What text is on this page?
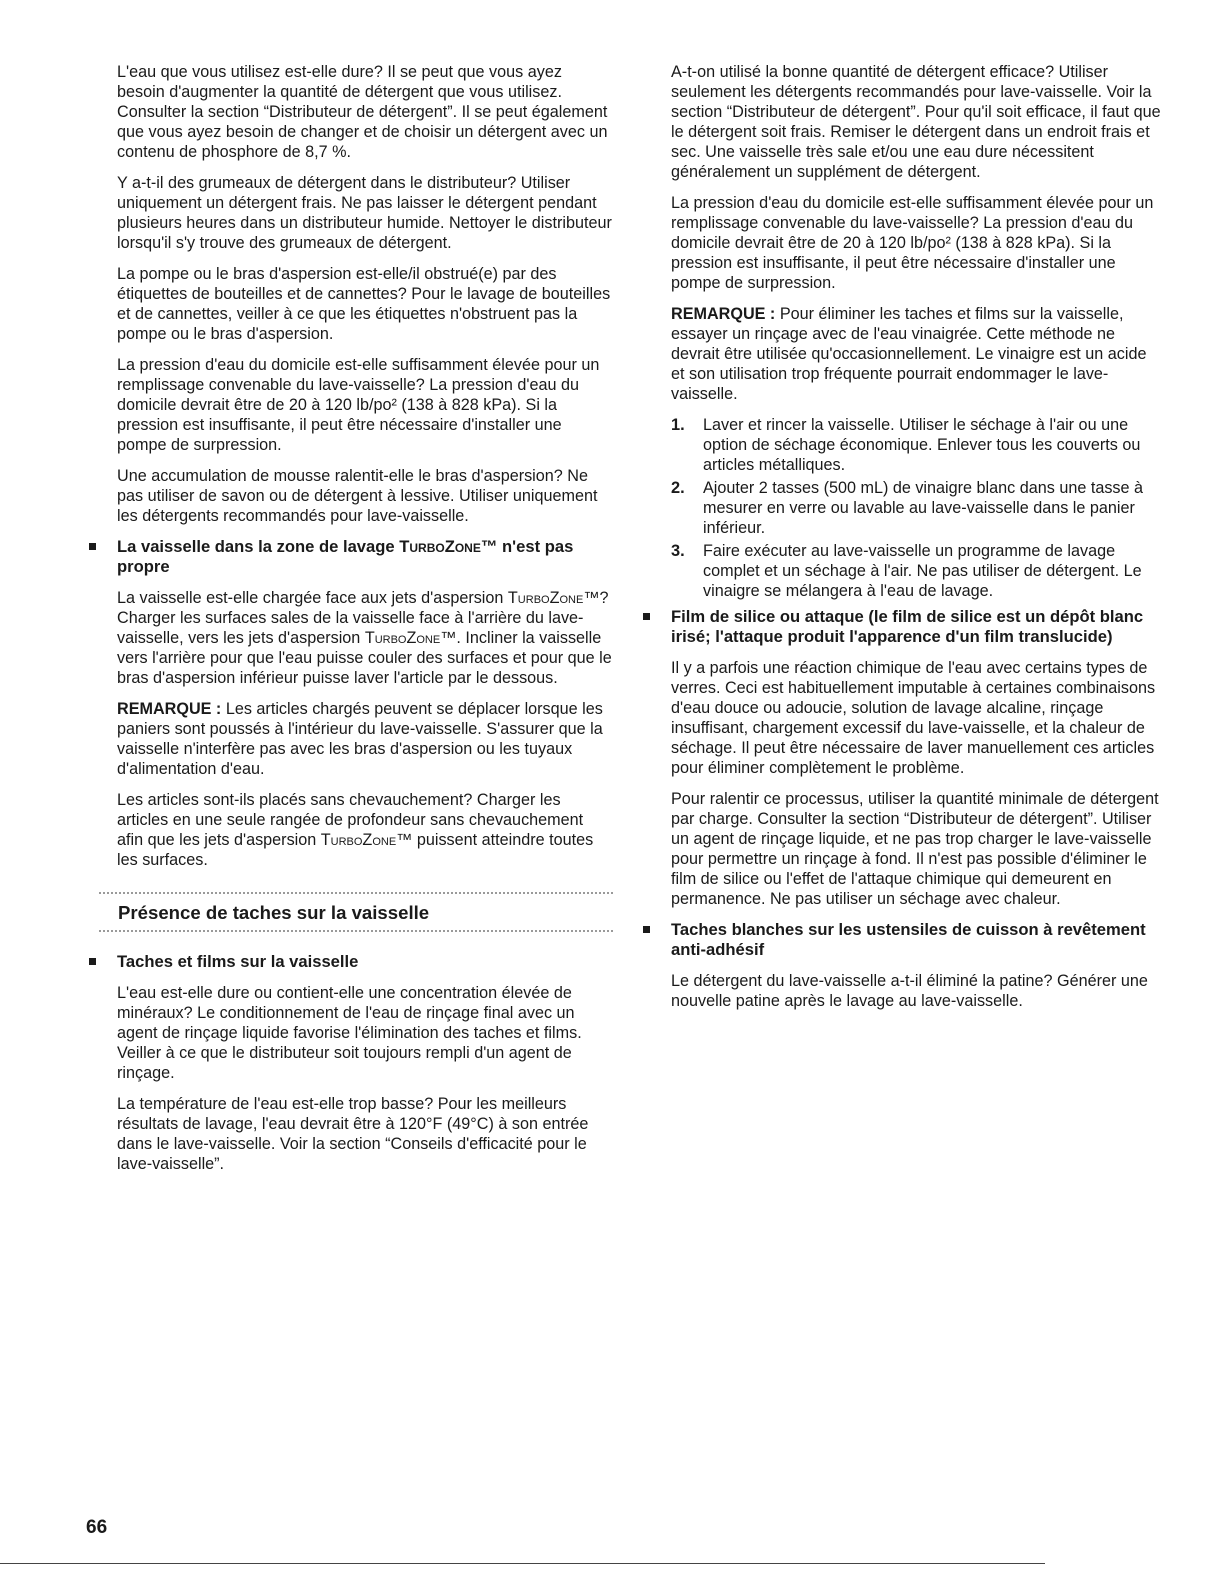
L'eau que vous utilisez est-elle dure? Il se peut que vous ayez besoin d'augmenter la quantité de détergent que vous utilisez. Consulter la section “Distributeur de détergent”. Il se peut également que vous ayez besoin de changer et de choisir un détergent avec un contenu de phosphore de 8,7 %.

Y a-t-il des grumeaux de détergent dans le distributeur? Utiliser uniquement un détergent frais. Ne pas laisser le détergent pendant plusieurs heures dans un distributeur humide. Nettoyer le distributeur lorsqu'il s'y trouve des grumeaux de détergent.

La pompe ou le bras d'aspersion est-elle/il obstrué(e) par des étiquettes de bouteilles et de cannettes? Pour le lavage de bouteilles et de cannettes, veiller à ce que les étiquettes n'obstruent pas la pompe ou le bras d'aspersion.

La pression d'eau du domicile est-elle suffisamment élevée pour un remplissage convenable du lave-vaisselle? La pression d'eau du domicile devrait être de 20 à 120 lb/po² (138 à 828 kPa). Si la pression est insuffisante, il peut être nécessaire d'installer une pompe de surpression.

Une accumulation de mousse ralentit-elle le bras d'aspersion? Ne pas utiliser de savon ou de détergent à lessive. Utiliser uniquement les détergents recommandés pour lave-vaisselle.

La vaisselle dans la zone de lavage TurboZone™ n'est pas propre

La vaisselle est-elle chargée face aux jets d'aspersion TurboZone™? Charger les surfaces sales de la vaisselle face à l'arrière du lave-vaisselle, vers les jets d'aspersion TurboZone™. Incliner la vaisselle vers l'arrière pour que l'eau puisse couler des surfaces et pour que le bras d'aspersion inférieur puisse laver l'article par le dessous.

REMARQUE : Les articles chargés peuvent se déplacer lorsque les paniers sont poussés à l'intérieur du lave-vaisselle. S'assurer que la vaisselle n'interfère pas avec les bras d'aspersion ou les tuyaux d'alimentation d'eau.

Les articles sont-ils placés sans chevauchement? Charger les articles en une seule rangée de profondeur sans chevauchement afin que les jets d'aspersion TurboZone™ puissent atteindre toutes les surfaces.

Présence de taches sur la vaisselle
Taches et films sur la vaisselle

L'eau est-elle dure ou contient-elle une concentration élevée de minéraux? Le conditionnement de l'eau de rinçage final avec un agent de rinçage liquide favorise l'élimination des taches et films. Veiller à ce que le distributeur soit toujours rempli d'un agent de rinçage.

La température de l'eau est-elle trop basse? Pour les meilleurs résultats de lavage, l'eau devrait être à 120°F (49°C) à son entrée dans le lave-vaisselle. Voir la section “Conseils d'efficacité pour le lave-vaisselle”.

A-t-on utilisé la bonne quantité de détergent efficace? Utiliser seulement les détergents recommandés pour lave-vaisselle. Voir la section “Distributeur de détergent”. Pour qu'il soit efficace, il faut que le détergent soit frais. Remiser le détergent dans un endroit frais et sec. Une vaisselle très sale et/ou une eau dure nécessitent généralement un supplément de détergent.

La pression d'eau du domicile est-elle suffisamment élevée pour un remplissage convenable du lave-vaisselle? La pression d'eau du domicile devrait être de 20 à 120 lb/po² (138 à 828 kPa). Si la pression est insuffisante, il peut être nécessaire d'installer une pompe de surpression.

REMARQUE : Pour éliminer les taches et films sur la vaisselle, essayer un rinçage avec de l'eau vinaigrée. Cette méthode ne devrait être utilisée qu'occasionnellement. Le vinaigre est un acide et son utilisation trop fréquente pourrait endommager le lave-vaisselle.

1. Laver et rincer la vaisselle. Utiliser le séchage à l'air ou une option de séchage économique. Enlever tous les couverts ou articles métalliques.
2. Ajouter 2 tasses (500 mL) de vinaigre blanc dans une tasse à mesurer en verre ou lavable au lave-vaisselle dans le panier inférieur.
3. Faire exécuter au lave-vaisselle un programme de lavage complet et un séchage à l'air. Ne pas utiliser de détergent. Le vinaigre se mélangera à l'eau de lavage.
Film de silice ou attaque (le film de silice est un dépôt blanc irisé; l'attaque produit l'apparence d'un film translucide)

Il y a parfois une réaction chimique de l'eau avec certains types de verres. Ceci est habituellement imputable à certaines combinaisons d'eau douce ou adoucie, solution de lavage alcaline, rinçage insuffisant, chargement excessif du lave-vaisselle, et la chaleur de séchage. Il peut être nécessaire de laver manuellement ces articles pour éliminer complètement le problème.

Pour ralentir ce processus, utiliser la quantité minimale de détergent par charge. Consulter la section “Distributeur de détergent”. Utiliser un agent de rinçage liquide, et ne pas trop charger le lave-vaisselle pour permettre un rinçage à fond. Il n'est pas possible d'éliminer le film de silice ou l'effet de l'attaque chimique qui demeurent en permanence. Ne pas utiliser un séchage avec chaleur.

Taches blanches sur les ustensiles de cuisson à revêtement anti-adhésif

Le détergent du lave-vaisselle a-t-il éliminé la patine? Générer une nouvelle patine après le lavage au lave-vaisselle.

66
